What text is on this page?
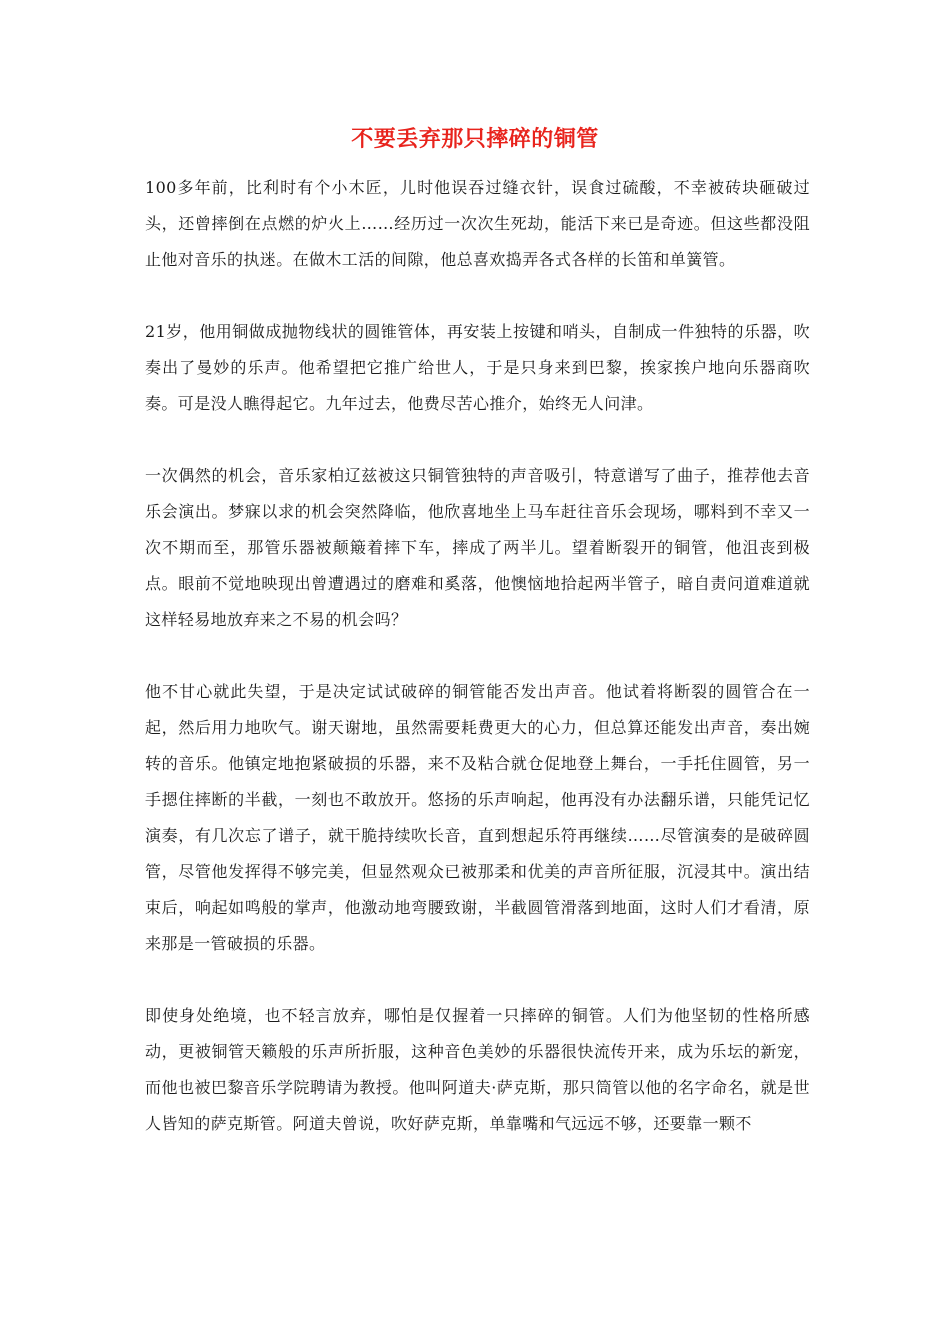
不要丢弃那只摔碎的铜管

100多年前，比利时有个小木匠，儿时他误吞过缝衣针，误食过硫酸，不幸被砖块砸破过头，还曾摔倒在点燃的炉火上……经历过一次次生死劫，能活下来已是奇迹。但这些都没阻止他对音乐的执迷。在做木工活的间隙，他总喜欢捣弄各式各样的长笛和单簧管。

21岁，他用铜做成抛物线状的圆锥管体，再安装上按键和哨头，自制成一件独特的乐器，吹奏出了曼妙的乐声。他希望把它推广给世人，于是只身来到巴黎，挨家挨户地向乐器商吹奏。可是没人瞧得起它。九年过去，他费尽苦心推介，始终无人问津。

一次偶然的机会，音乐家柏辽兹被这只铜管独特的声音吸引，特意谱写了曲子，推荐他去音乐会演出。梦寐以求的机会突然降临，他欣喜地坐上马车赶往音乐会现场，哪料到不幸又一次不期而至，那管乐器被颠簸着摔下车，摔成了两半儿。望着断裂开的铜管，他沮丧到极点。眼前不觉地映现出曾遭遇过的磨难和奚落，他懊恼地拾起两半管子，暗自责问道难道就这样轻易地放弃来之不易的机会吗？

他不甘心就此失望，于是决定试试破碎的铜管能否发出声音。他试着将断裂的圆管合在一起，然后用力地吹气。谢天谢地，虽然需要耗费更大的心力，但总算还能发出声音，奏出婉转的音乐。他镇定地抱紧破损的乐器，来不及粘合就仓促地登上舞台，一手托住圆管，另一手摁住摔断的半截，一刻也不敢放开。悠扬的乐声响起，他再没有办法翻乐谱，只能凭记忆演奏，有几次忘了谱子，就干脆持续吹长音，直到想起乐符再继续……尽管演奏的是破碎圆管，尽管他发挥得不够完美，但显然观众已被那柔和优美的声音所征服，沉浸其中。演出结束后，响起如鸣般的掌声，他激动地弯腰致谢，半截圆管滑落到地面，这时人们才看清，原来那是一管破损的乐器。

即使身处绝境，也不轻言放弃，哪怕是仅握着一只摔碎的铜管。人们为他坚韧的性格所感动，更被铜管天籁般的乐声所折服，这种音色美妙的乐器很快流传开来，成为乐坛的新宠，而他也被巴黎音乐学院聘请为教授。他叫阿道夫·萨克斯，那只筒管以他的名字命名，就是世人皆知的萨克斯管。阿道夫曾说，吹好萨克斯，单靠嘴和气远远不够，还要靠一颗不
